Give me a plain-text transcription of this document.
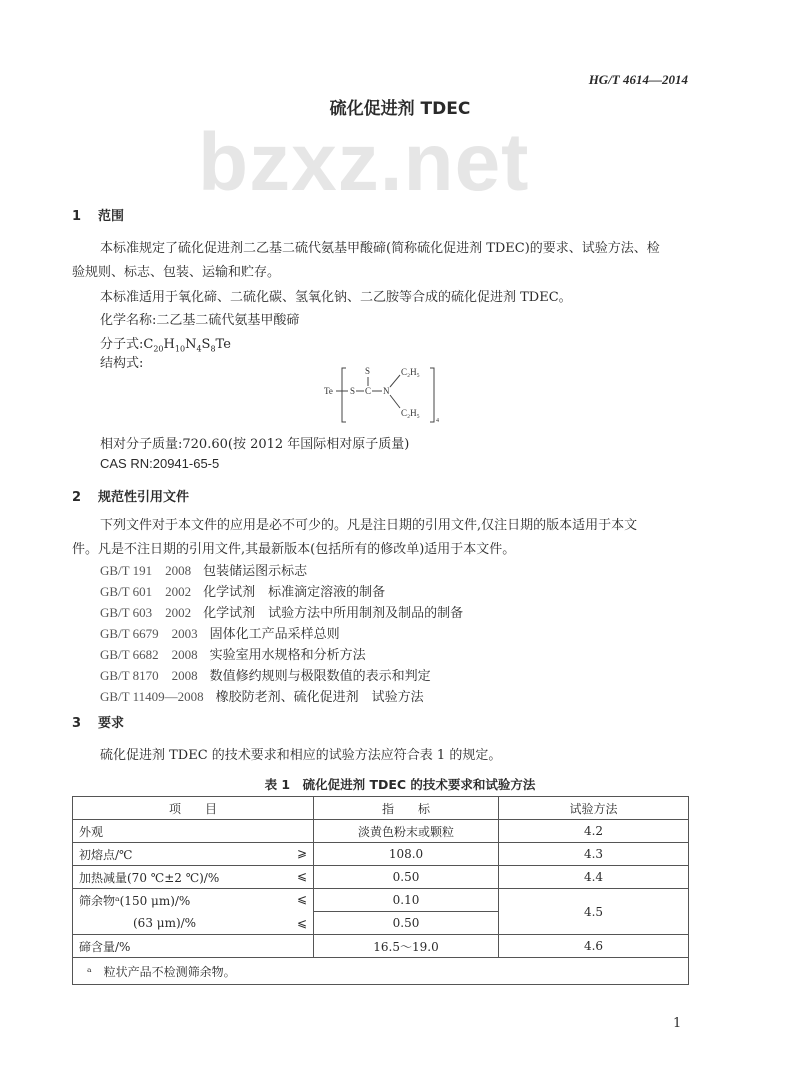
HG/T 4614—2014
硫化促进剂 TDEC
bzxz.net
1 范围
本标准规定了硫化促进剂二乙基二硫代氨基甲酸碲(简称硫化促进剂 TDEC)的要求、试验方法、检
验规则、标志、包装、运输和贮存。
本标准适用于氧化碲、二硫化碳、氢氧化钠、二乙胺等合成的硫化促进剂 TDEC。
化学名称:二乙基二硫代氨基甲酸碲
分子式$:C_{20}H_{10}N_4S_8Te$
结构式:
Te S C
S
N
C₂H₅
C₂H₅
4
相对分子质量:720.60(按 2012 年国际相对原子质量)
CAS RN:20941-65-5
2 规范性引用文件
下列文件对于本文件的应用是必不可少的。凡是注日期的引用文件,仅注日期的版本适用于本文
件。凡是不注日期的引用文件,其最新版本(包括所有的修改单)适用于本文件。
GB/T 191　2008 包装储运图示标志
GB/T 601　2002 化学试剂　标准滴定溶液的制备
GB/T 603　2002 化学试剂　试验方法中所用制剂及制品的制备
GB/T 6679　2003 固体化工产品采样总则
GB/T 6682　2008 实验室用水规格和分析方法
GB/T 8170　2008 数值修约规则与极限数值的表示和判定
GB/T 11409—2008 橡胶防老剂、硫化促进剂　试验方法
3 要求
硫化促进剂 TDEC 的技术要求和相应的试验方法应符合表 1 的规定。
表 1　硫化促进剂 TDEC 的技术要求和试验方法
项　　目	指　　标	试验方法
外观	淡黄色粉末或颗粒	4.2
初熔点/℃ ⩾	108.0	4.3
加热减量(70 ℃±2 ℃)/% ⩽	0.50	4.4
筛余物ᵃ(150 μm)/% ⩽	0.10	4.5
(63 μm)/% ⩽	0.50	
碲含量/%	16.5～19.0	4.6
ᵃ　粒状产品不检测筛余物。		
1
